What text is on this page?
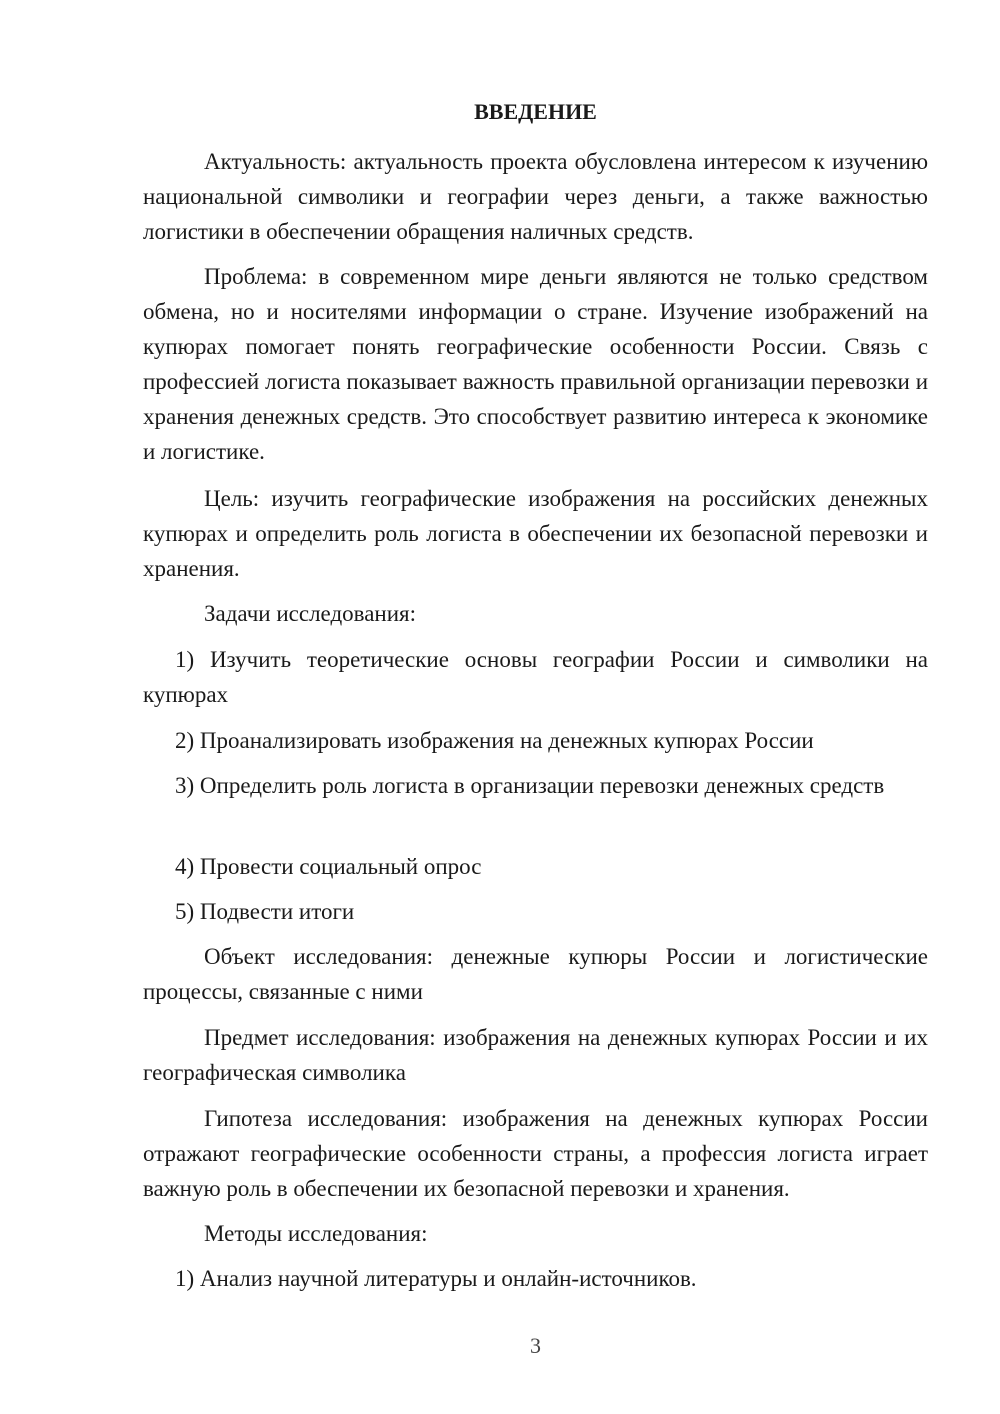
ВВЕДЕНИЕ

Актуальность: актуальность проекта обусловлена интересом к изучению национальной символики и географии через деньги, а также важностью логистики в обеспечении обращения наличных средств.

Проблема: в современном мире деньги являются не только средством обмена, но и носителями информации о стране. Изучение изображений на купюрах помогает понять географические особенности России. Связь с профессией логиста показывает важность правильной организации перевозки и хранения денежных средств. Это способствует развитию интереса к экономике и логистике.

Цель: изучить географические изображения на российских денежных купюрах и определить роль логиста в обеспечении их безопасной перевозки и хранения.

Задачи исследования:

1) Изучить теоретические основы географии России и символики на купюрах

2) Проанализировать изображения на денежных купюрах России

3) Определить роль логиста в организации перевозки денежных средств

4) Провести социальный опрос

5) Подвести итоги

Объект исследования: денежные купюры России и логистические процессы, связанные с ними

Предмет исследования: изображения на денежных купюрах России и их географическая символика

Гипотеза исследования: изображения на денежных купюрах России отражают географические особенности страны, а профессия логиста играет важную роль в обеспечении их безопасной перевозки и хранения.

Методы исследования:

1) Анализ научной литературы и онлайн-источников.

3
